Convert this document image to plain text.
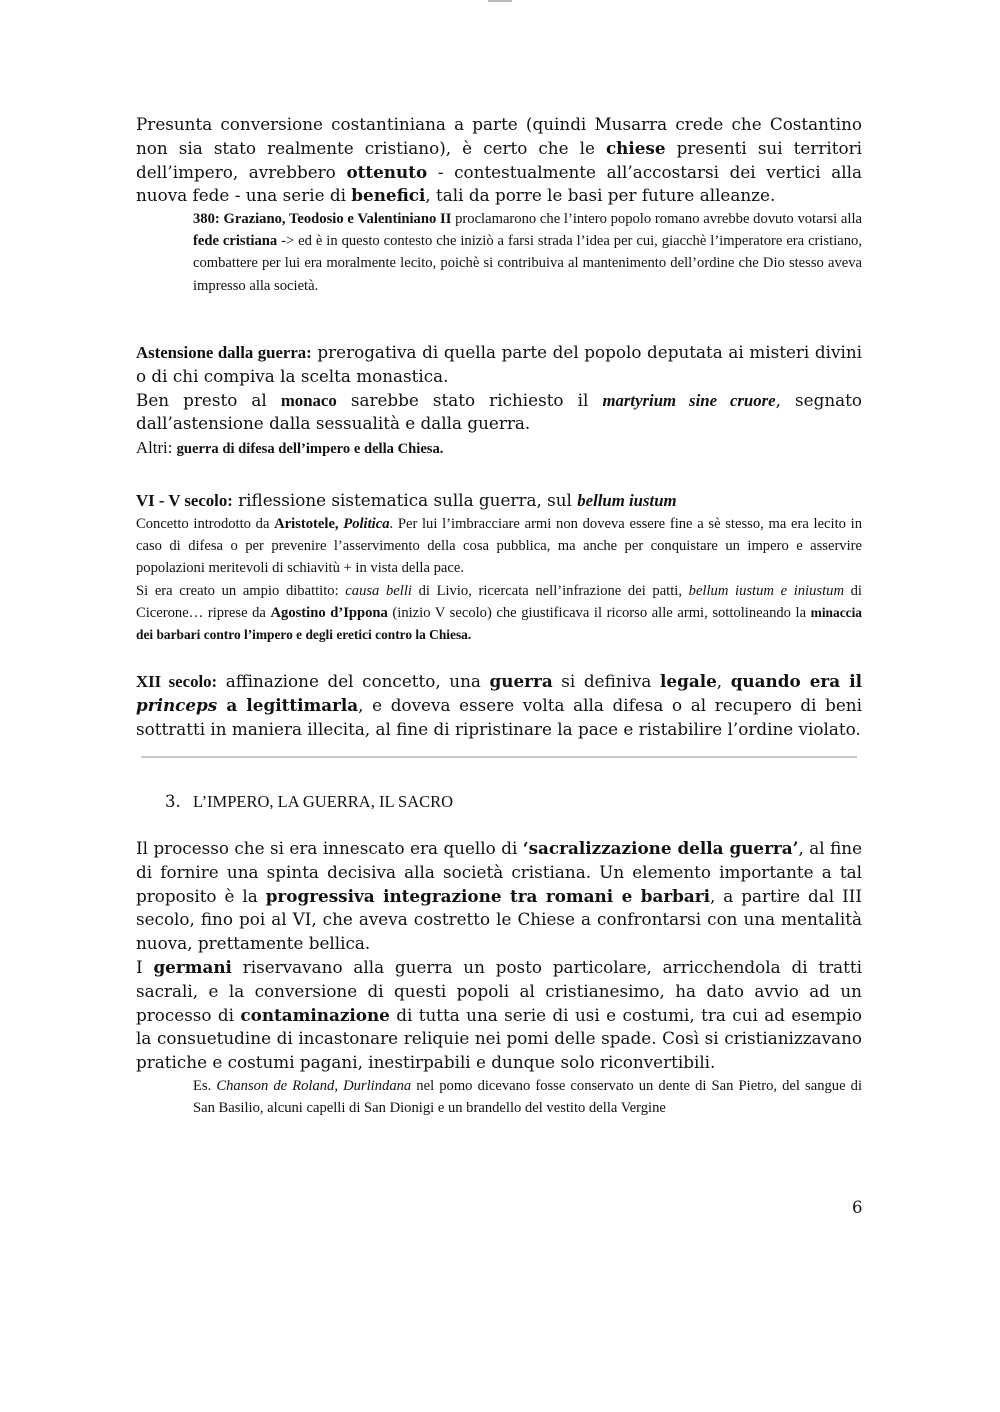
Presunta conversione costantiniana a parte (quindi Musarra crede che Costantino non sia stato realmente cristiano), è certo che le chiese presenti sui territori dell’impero, avrebbero ottenuto - contestualmente all’accostarsi dei vertici alla nuova fede - una serie di benefici, tali da porre le basi per future alleanze.
380: Graziano, Teodosio e Valentiniano II proclamarono che l’intero popolo romano avrebbe dovuto votarsi alla fede cristiana -> ed è in questo contesto che iniziò a farsi strada l’idea per cui, giacchè l’imperatore era cristiano, combattere per lui era moralmente lecito, poichè si contribuiva al mantenimento dell’ordine che Dio stesso aveva impresso alla società.
Astensione dalla guerra: prerogativa di quella parte del popolo deputata ai misteri divini o di chi compiva la scelta monastica.
Ben presto al monaco sarebbe stato richiesto il martyrium sine cruore, segnato dall’astensione dalla sessualità e dalla guerra.
Altri: guerra di difesa dell’impero e della Chiesa.
VI - V secolo: riflessione sistematica sulla guerra, sul bellum iustum
Concetto introdotto da Aristotele, Politica. Per lui l’imbracciare armi non doveva essere fine a sè stesso, ma era lecito in caso di difesa o per prevenire l’asservimento della cosa pubblica, ma anche per conquistare un impero e asservire popolazioni meritevoli di schiavitù + in vista della pace.
Si era creato un ampio dibattito: causa belli di Livio, ricercata nell’infrazione dei patti, bellum iustum e iniustum di Cicerone… riprese da Agostino d’Ippona (inizio V secolo) che giustificava il ricorso alle armi, sottolineando la minaccia dei barbari contro l’impero e degli eretici contro la Chiesa.
XII secolo: affinazione del concetto, una guerra si definiva legale, quando era il princeps a legittimarla, e doveva essere volta alla difesa o al recupero di beni sottratti in maniera illecita, al fine di ripristinare la pace e ristabilire l’ordine violato.
3. L’IMPERO, LA GUERRA, IL SACRO
Il processo che si era innescato era quello di ‘sacralizzazione della guerra’, al fine di fornire una spinta decisiva alla società cristiana. Un elemento importante a tal proposito è la progressiva integrazione tra romani e barbari, a partire dal III secolo, fino poi al VI, che aveva costretto le Chiese a confrontarsi con una mentalità nuova, prettamente bellica.
I germani riservavano alla guerra un posto particolare, arricchendola di tratti sacrali, e la conversione di questi popoli al cristianesimo, ha dato avvio ad un processo di contaminazione di tutta una serie di usi e costumi, tra cui ad esempio la consuetudine di incastonare reliquie nei pomi delle spade. Così si cristianizzavano pratiche e costumi pagani, inestirpabili e dunque solo riconvertibili.
Es. Chanson de Roland, Durlindana nel pomo dicevano fosse conservato un dente di San Pietro, del sangue di San Basilio, alcuni capelli di San Dionigi e un brandello del vestito della Vergine
6
